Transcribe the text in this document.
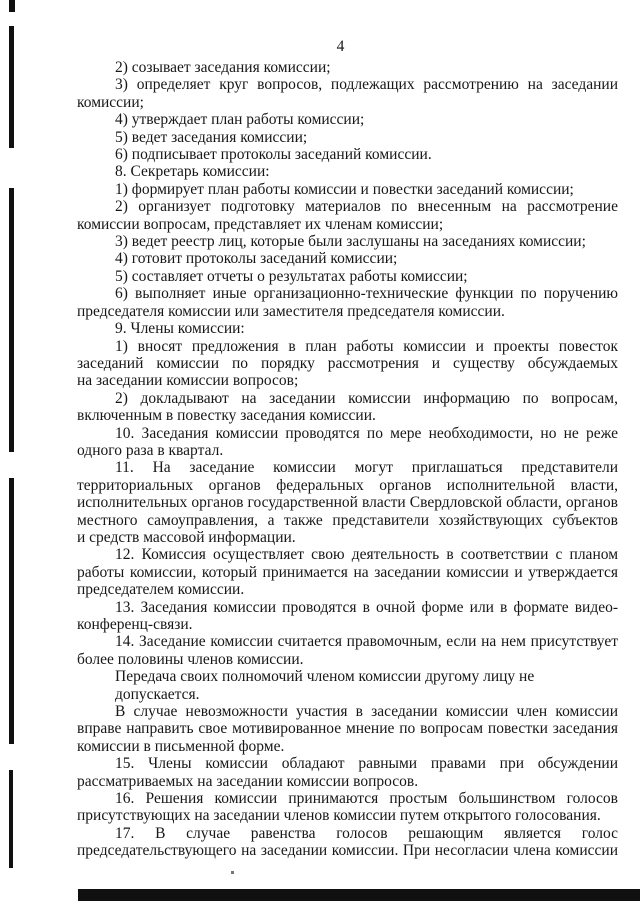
4
2) созывает заседания комиссии;
3) определяет круг вопросов, подлежащих рассмотрению на заседании
комиссии;
4) утверждает план работы комиссии;
5) ведет заседания комиссии;
6) подписывает протоколы заседаний комиссии.
8. Секретарь комиссии:
1) формирует план работы комиссии и повестки заседаний комиссии;
2) организует подготовку материалов по внесенным на рассмотрение
комиссии вопросам, представляет их членам комиссии;
3) ведет реестр лиц, которые были заслушаны на заседаниях комиссии;
4) готовит протоколы заседаний комиссии;
5) составляет отчеты о результатах работы комиссии;
6) выполняет иные организационно-технические функции по поручению
председателя комиссии или заместителя председателя комиссии.
9. Члены комиссии:
1) вносят предложения в план работы комиссии и проекты повесток
заседаний комиссии по порядку рассмотрения и существу обсуждаемых
на заседании комиссии вопросов;
2) докладывают на заседании комиссии информацию по вопросам,
включенным в повестку заседания комиссии.
10. Заседания комиссии проводятся по мере необходимости, но не реже
одного раза в квартал.
11. На заседание комиссии могут приглашаться представители
территориальных органов федеральных органов исполнительной власти,
исполнительных органов государственной власти Свердловской области, органов
местного самоуправления, а также представители хозяйствующих субъектов
и средств массовой информации.
12. Комиссия осуществляет свою деятельность в соответствии с планом
работы комиссии, который принимается на заседании комиссии и утверждается
председателем комиссии.
13. Заседания комиссии проводятся в очной форме или в формате видео-
конференц-связи.
14. Заседание комиссии считается правомочным, если на нем присутствует
более половины членов комиссии.
Передача своих полномочий членом комиссии другому лицу не допускается.
В случае невозможности участия в заседании комиссии член комиссии
вправе направить свое мотивированное мнение по вопросам повестки заседания
комиссии в письменной форме.
15. Члены комиссии обладают равными правами при обсуждении
рассматриваемых на заседании комиссии вопросов.
16. Решения комиссии принимаются простым большинством голосов
присутствующих на заседании членов комиссии путем открытого голосования.
17. В случае равенства голосов решающим является голос
председательствующего на заседании комиссии. При несогласии члена комиссии
